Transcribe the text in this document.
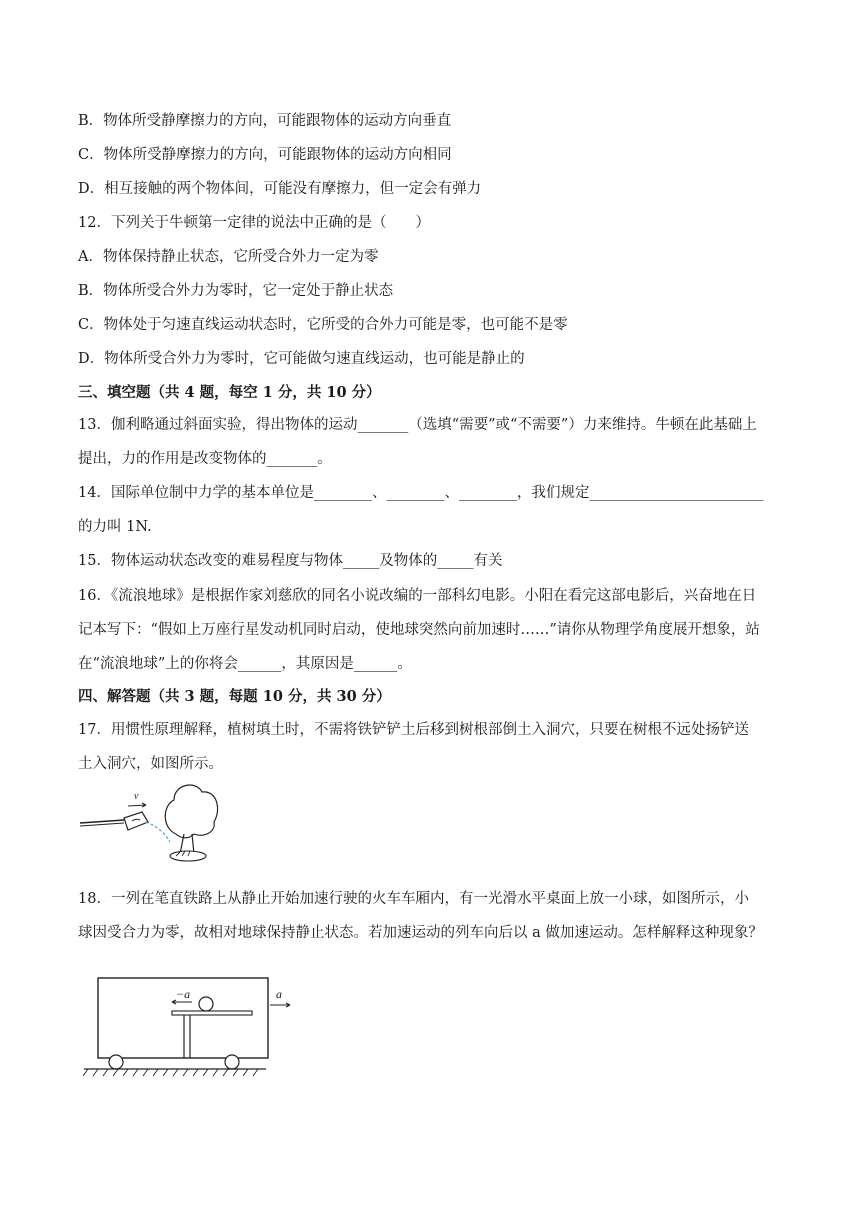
B．物体所受静摩擦力的方向，可能跟物体的运动方向垂直
C．物体所受静摩擦力的方向，可能跟物体的运动方向相同
D．相互接触的两个物体间，可能没有摩擦力，但一定会有弹力
12．下列关于牛顿第一定律的说法中正确的是（　　）
A．物体保持静止状态，它所受合外力一定为零
B．物体所受合外力为零时，它一定处于静止状态
C．物体处于匀速直线运动状态时，它所受的合外力可能是零，也可能不是零
D．物体所受合外力为零时，它可能做匀速直线运动，也可能是静止的
三、填空题（共 4 题，每空 1 分，共 10 分）
13．伽利略通过斜面实验，得出物体的运动_______（选填“需要”或“不需要”）力来维持。牛顿在此基础上
提出，力的作用是改变物体的_______。
14．国际单位制中力学的基本单位是________、________、________，我们规定________________________
的力叫 1N.
15．物体运动状态改变的难易程度与物体_____及物体的_____有关
16．《流浪地球》是根据作家刘慈欣的同名小说改编的一部科幻电影。小阳在看完这部电影后，兴奋地在日
记本写下：“假如上万座行星发动机同时启动，使地球突然向前加速时……”请你从物理学角度展开想象，站
在“流浪地球”上的你将会______，其原因是______。
四、解答题（共 3 题，每题 10 分，共 30 分）
17．用惯性原理解释，植树填土时，不需将铁铲铲土后移到树根部倒土入洞穴，只要在树根不远处扬铲送
土入洞穴，如图所示。
v
18．一列在笔直铁路上从静止开始加速行驶的火车车厢内，有一光滑水平桌面上放一小球，如图所示，小
球因受合力为零，故相对地球保持静止状态。若加速运动的列车向后以 a 做加速运动。怎样解释这种现象？
−a	a
